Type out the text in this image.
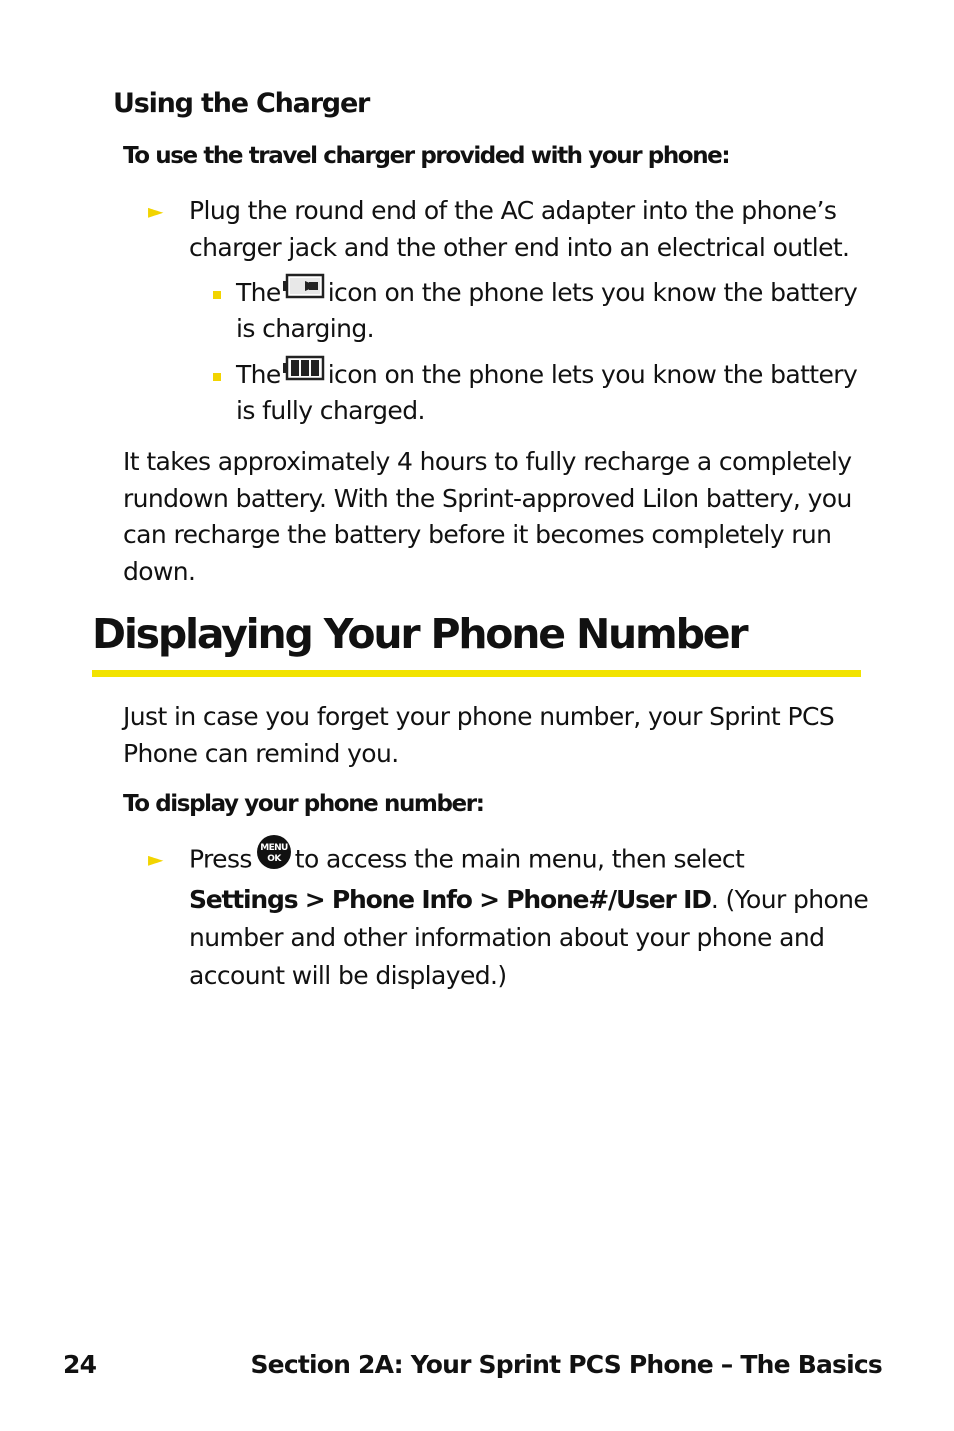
Using the Charger
To use the travel charger provided with your phone:
► Plug the round end of the AC adapter into the phone’s
charger jack and the other end into an electrical outlet.
The icon on the phone lets you know the battery
is charging.
The icon on the phone lets you know the battery
is fully charged.
It takes approximately 4 hours to fully recharge a completely
rundown battery. With the Sprint-approved LiIon battery, you
can recharge the battery before it becomes completely run
down.
Displaying Your Phone Number
Just in case you forget your phone number, your Sprint PCS
Phone can remind you.
To display your phone number:
► Press MENU
OK to access the main menu, then select
Settings > Phone Info > Phone#/User ID. (Your phone
number and other information about your phone and
account will be displayed.)
24	Section 2A: Your Sprint PCS Phone – The Basics
